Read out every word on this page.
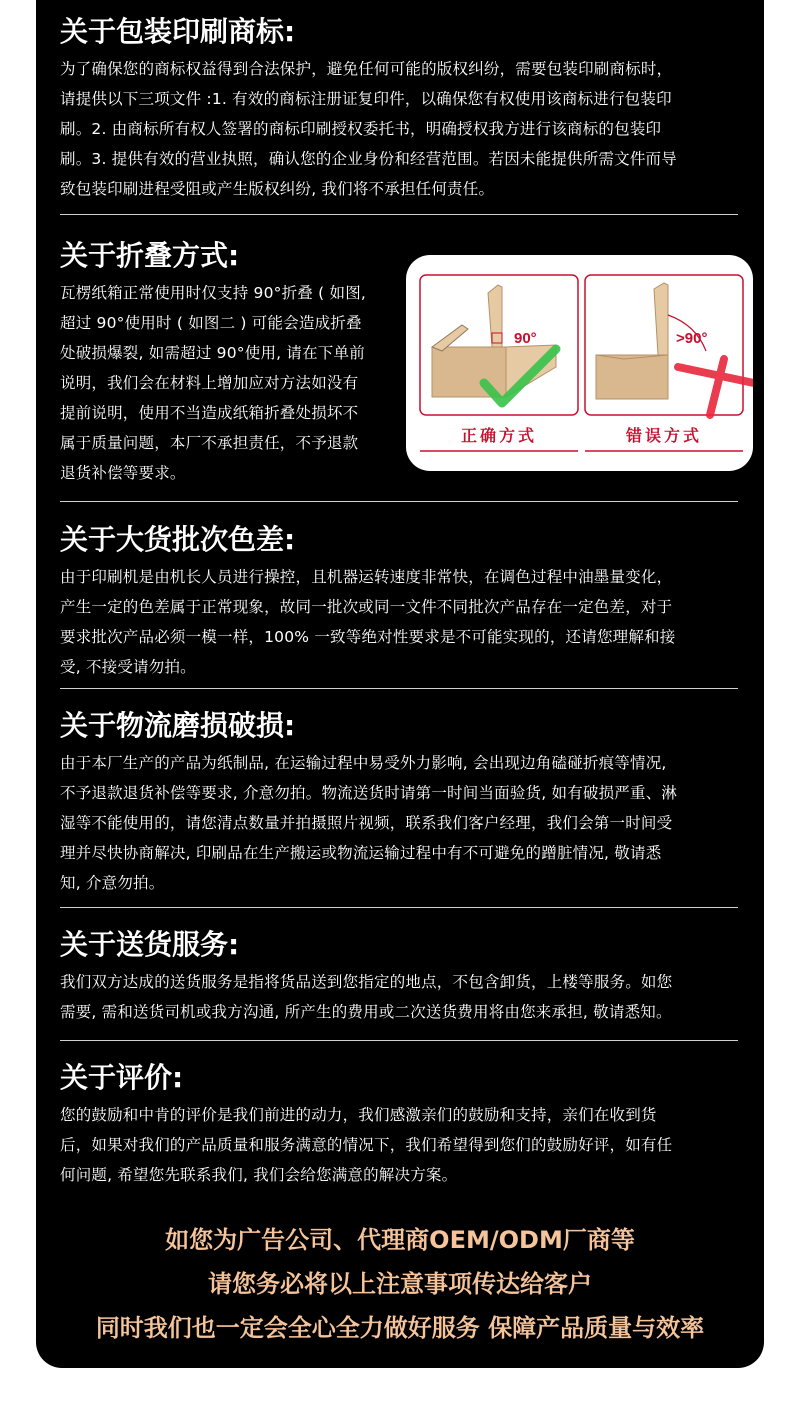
关于包装印刷商标:
为了确保您的商标权益得到合法保护，避免任何可能的版权纠纷，需要包装印刷商标时，
请提供以下三项文件 :1. 有效的商标注册证复印件，以确保您有权使用该商标进行包装印
刷。2. 由商标所有权人签署的商标印刷授权委托书，明确授权我方进行该商标的包装印
刷。3. 提供有效的营业执照，确认您的企业身份和经营范围。若因未能提供所需文件而导
致包装印刷进程受阻或产生版权纠纷, 我们将不承担任何责任。
关于折叠方式:
瓦楞纸箱正常使用时仅支持 90°折叠 ( 如图,
超过 90°使用时 ( 如图二 ) 可能会造成折叠
处破损爆裂, 如需超过 90°使用, 请在下单前
说明，我们会在材料上增加应对方法如没有
提前说明，使用不当造成纸箱折叠处损坏不
属于质量问题，本厂不承担责任，不予退款
退货补偿等要求。
90°	>90°
正确方式	错误方式
关于大货批次色差:
由于印刷机是由机长人员进行操控，且机器运转速度非常快，在调色过程中油墨量变化，
产生一定的色差属于正常现象，故同一批次或同一文件不同批次产品存在一定色差，对于
要求批次产品必须一模一样，100% 一致等绝对性要求是不可能实现的，还请您理解和接
受, 不接受请勿拍。
关于物流磨损破损:
由于本厂生产的产品为纸制品, 在运输过程中易受外力影响, 会出现边角磕碰折痕等情况,
不予退款退货补偿等要求, 介意勿拍。物流送货时请第一时间当面验货, 如有破损严重、淋
湿等不能使用的，请您清点数量并拍摄照片视频，联系我们客户经理，我们会第一时间受
理并尽快协商解决, 印刷品在生产搬运或物流运输过程中有不可避免的蹭脏情况, 敬请悉
知, 介意勿拍。
关于送货服务:
我们双方达成的送货服务是指将货品送到您指定的地点，不包含卸货，上楼等服务。如您
需要, 需和送货司机或我方沟通, 所产生的费用或二次送货费用将由您来承担, 敬请悉知。
关于评价:
您的鼓励和中肯的评价是我们前进的动力，我们感激亲们的鼓励和支持，亲们在收到货
后，如果对我们的产品质量和服务满意的情况下，我们希望得到您们的鼓励好评，如有任
何问题, 希望您先联系我们, 我们会给您满意的解决方案。
如您为广告公司、代理商OEM/ODM厂商等
请您务必将以上注意事项传达给客户
同时我们也一定会全心全力做好服务 保障产品质量与效率
